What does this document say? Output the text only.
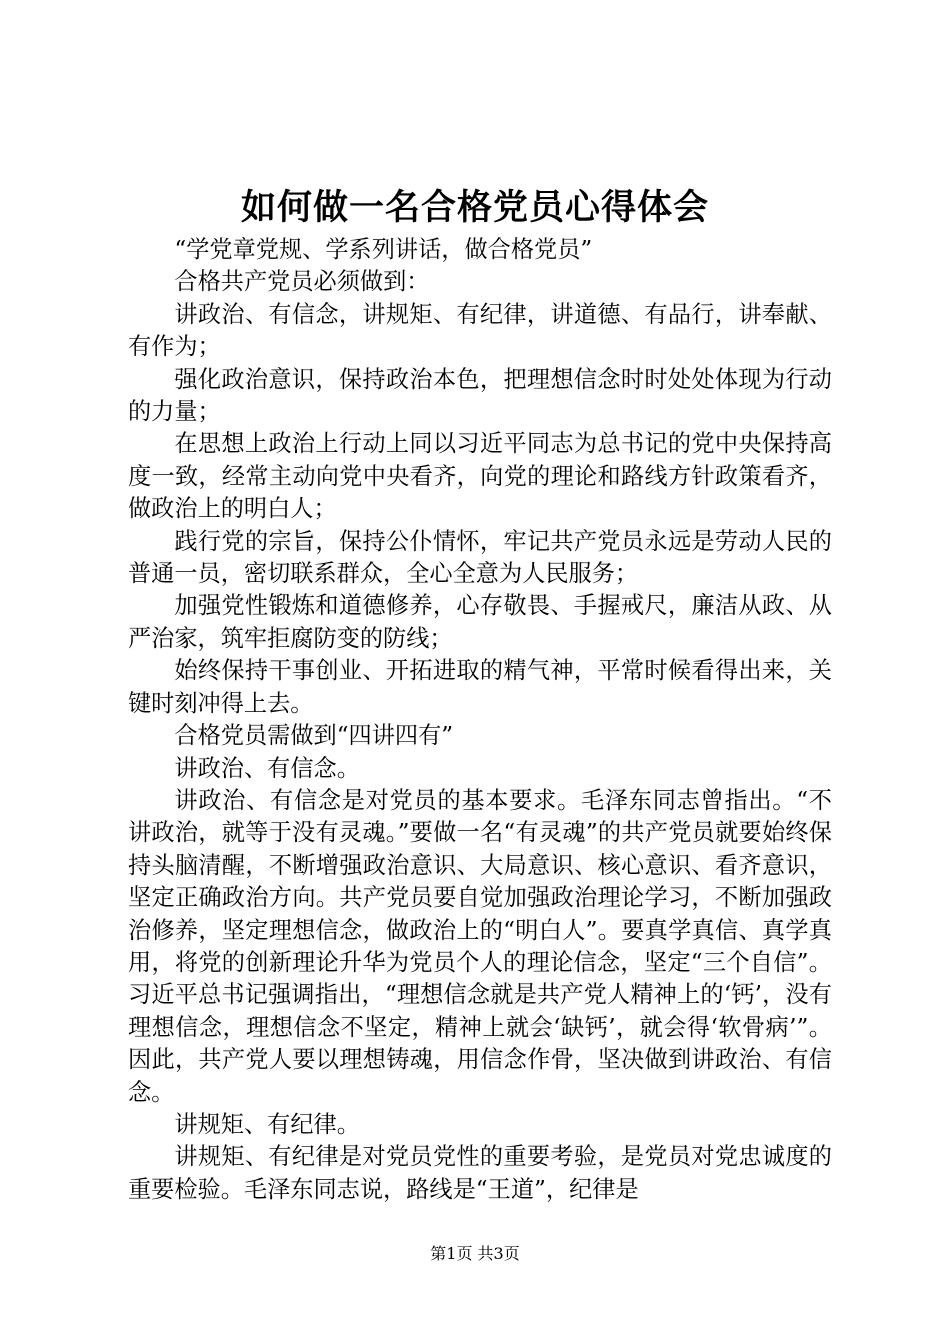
如何做一名合格党员心得体会

“学党章党规、学系列讲话，做合格党员”

合格共产党员必须做到：

讲政治、有信念，讲规矩、有纪律，讲道德、有品行，讲奉献、有作为；

强化政治意识，保持政治本色，把理想信念时时处处体现为行动的力量；

在思想上政治上行动上同以习近平同志为总书记的党中央保持高度一致，经常主动向党中央看齐，向党的理论和路线方针政策看齐，做政治上的明白人；

践行党的宗旨，保持公仆情怀，牢记共产党员永远是劳动人民的普通一员，密切联系群众，全心全意为人民服务；

加强党性锻炼和道德修养，心存敬畏、手握戒尺，廉洁从政、从严治家，筑牢拒腐防变的防线；

始终保持干事创业、开拓进取的精气神，平常时候看得出来，关键时刻冲得上去。

合格党员需做到“四讲四有”

讲政治、有信念。

讲政治、有信念是对党员的基本要求。毛泽东同志曾指出。“不讲政治，就等于没有灵魂。”要做一名“有灵魂”的共产党员就要始终保持头脑清醒，不断增强政治意识、大局意识、核心意识、看齐意识，坚定正确政治方向。共产党员要自觉加强政治理论学习，不断加强政治修养，坚定理想信念，做政治上的“明白人”。要真学真信、真学真用，将党的创新理论升华为党员个人的理论信念，坚定“三个自信”。习近平总书记强调指出，“理想信念就是共产党人精神上的‘钙’，没有理想信念，理想信念不坚定，精神上就会‘缺钙’，就会得‘软骨病’”。因此，共产党人要以理想铸魂，用信念作骨，坚决做到讲政治、有信念。

讲规矩、有纪律。

讲规矩、有纪律是对党员党性的重要考验，是党员对党忠诚度的重要检验。毛泽东同志说，路线是“王道”，纪律是

第1页 共3页
